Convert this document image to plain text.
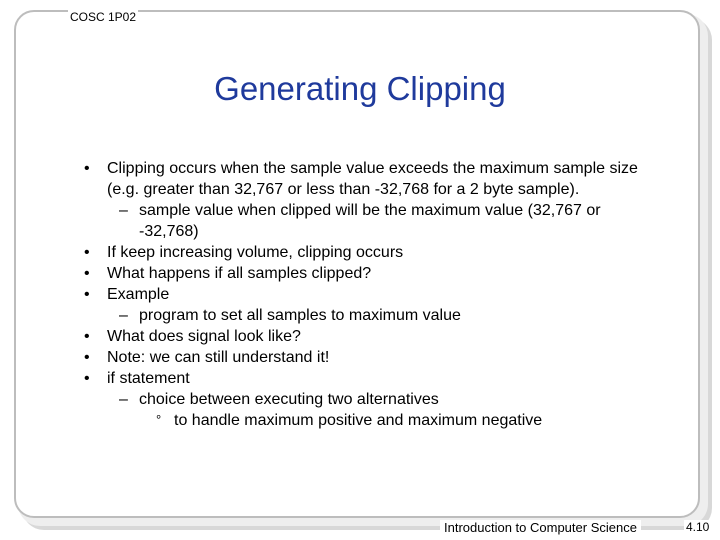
COSC 1P02
Generating Clipping
• Clipping occurs when the sample value exceeds the maximum sample size (e.g. greater than 32,767 or less than -32,768 for a 2 byte sample).
– sample value when clipped will be the maximum value (32,767 or -32,768)
• If keep increasing volume, clipping occurs
• What happens if all samples clipped?
• Example
– program to set all samples to maximum value
• What does signal look like?
• Note: we can still understand it!
• if statement
– choice between executing two alternatives
° to handle maximum positive and maximum negative
Introduction to Computer Science	4.10
